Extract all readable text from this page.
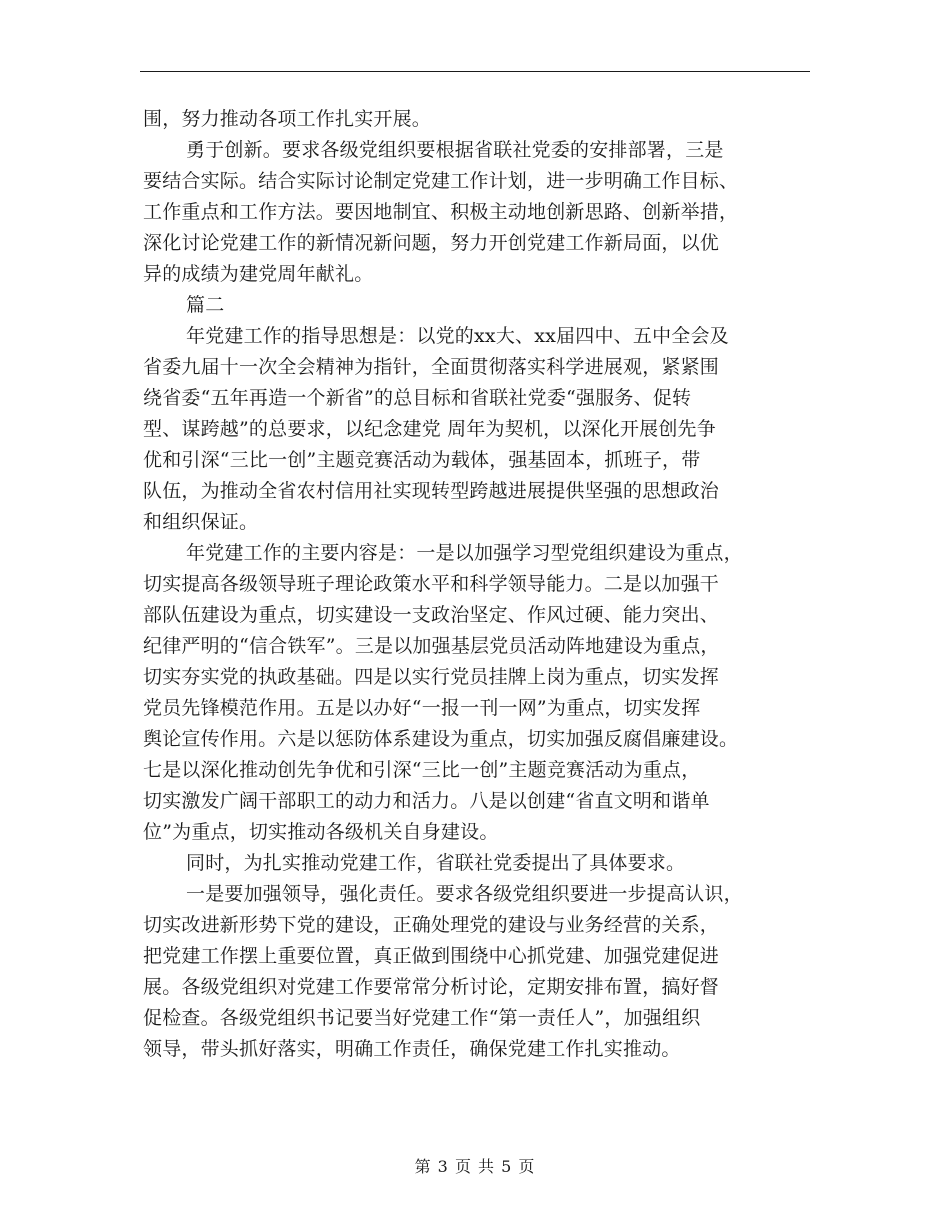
围，努力推动各项工作扎实开展。
勇于创新。要求各级党组织要根据省联社党委的安排部署，三是
要结合实际。结合实际讨论制定党建工作计划，进一步明确工作目标、
工作重点和工作方法。要因地制宜、积极主动地创新思路、创新举措，
深化讨论党建工作的新情况新问题，努力开创党建工作新局面，以优
异的成绩为建党周年献礼。
篇二
年党建工作的指导思想是：以党的xx大、xx届四中、五中全会及
省委九届十一次全会精神为指针，全面贯彻落实科学进展观，紧紧围
绕省委“五年再造一个新省”的总目标和省联社党委“强服务、促转
型、谋跨越”的总要求，以纪念建党 周年为契机，以深化开展创先争
优和引深“三比一创”主题竞赛活动为载体，强基固本，抓班子，带
队伍，为推动全省农村信用社实现转型跨越进展提供坚强的思想政治
和组织保证。
年党建工作的主要内容是：一是以加强学习型党组织建设为重点，
切实提高各级领导班子理论政策水平和科学领导能力。二是以加强干
部队伍建设为重点，切实建设一支政治坚定、作风过硬、能力突出、
纪律严明的“信合铁军”。三是以加强基层党员活动阵地建设为重点，
切实夯实党的执政基础。四是以实行党员挂牌上岗为重点，切实发挥
党员先锋模范作用。五是以办好“一报一刊一网”为重点，切实发挥
舆论宣传作用。六是以惩防体系建设为重点，切实加强反腐倡廉建设。
七是以深化推动创先争优和引深“三比一创”主题竞赛活动为重点，
切实激发广阔干部职工的动力和活力。八是以创建“省直文明和谐单
位”为重点，切实推动各级机关自身建设。
同时，为扎实推动党建工作，省联社党委提出了具体要求。
一是要加强领导，强化责任。要求各级党组织要进一步提高认识，
切实改进新形势下党的建设，正确处理党的建设与业务经营的关系，
把党建工作摆上重要位置，真正做到围绕中心抓党建、加强党建促进
展。各级党组织对党建工作要常常分析讨论，定期安排布置，搞好督
促检查。各级党组织书记要当好党建工作“第一责任人”，加强组织
领导，带头抓好落实，明确工作责任，确保党建工作扎实推动。
第 3 页 共 5 页
